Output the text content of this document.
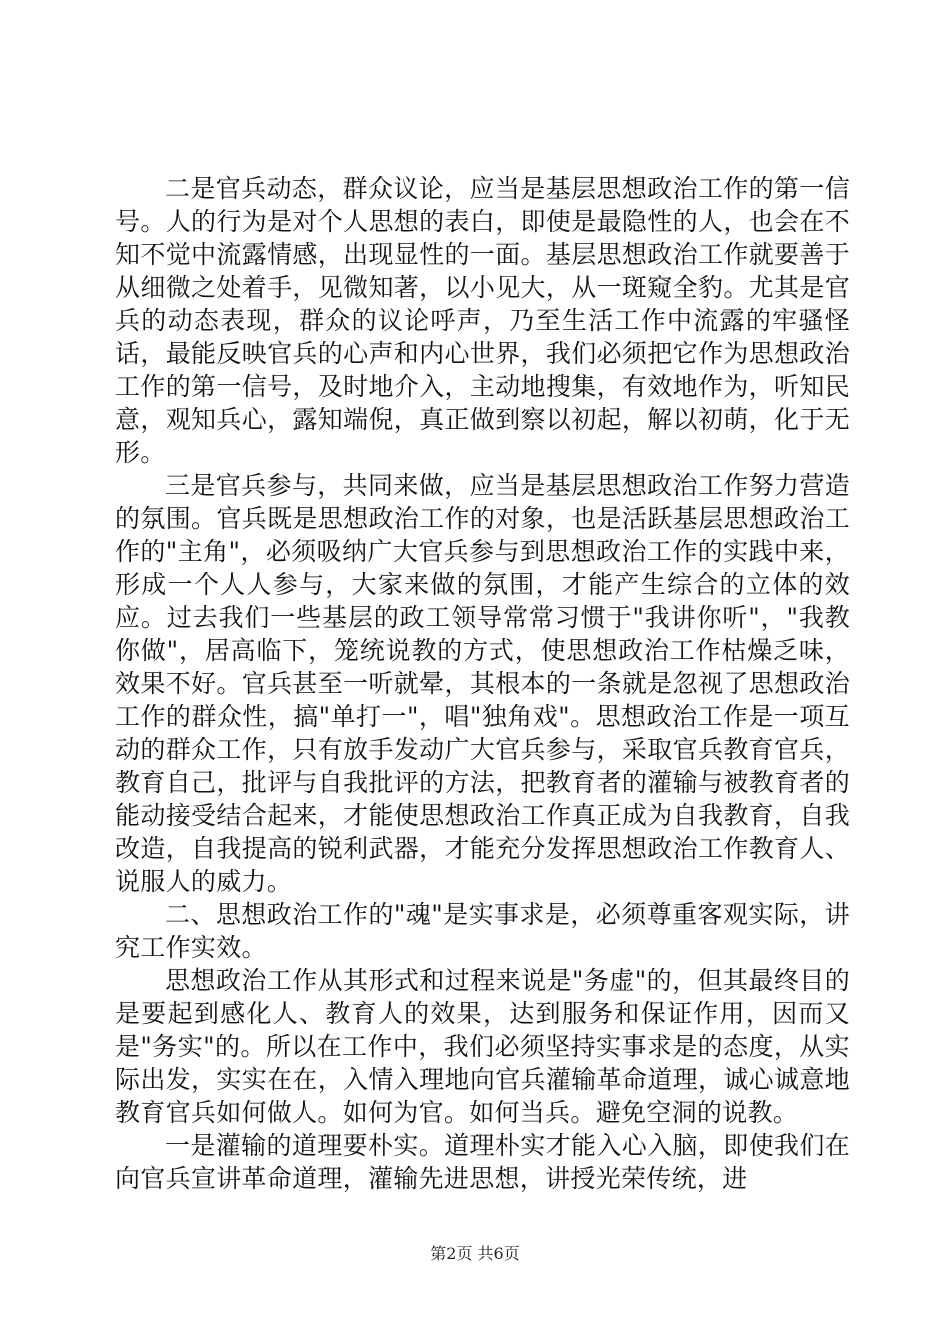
二是官兵动态，群众议论，应当是基层思想政治工作的第一信号。人的行为是对个人思想的表白，即使是最隐性的人，也会在不知不觉中流露情感，出现显性的一面。基层思想政治工作就要善于从细微之处着手，见微知著，以小见大，从一斑窥全豹。尤其是官兵的动态表现，群众的议论呼声，乃至生活工作中流露的牢骚怪话，最能反映官兵的心声和内心世界，我们必须把它作为思想政治工作的第一信号，及时地介入，主动地搜集，有效地作为，听知民意，观知兵心，露知端倪，真正做到察以初起，解以初萌，化于无形。

三是官兵参与，共同来做，应当是基层思想政治工作努力营造的氛围。官兵既是思想政治工作的对象，也是活跃基层思想政治工作的"主角"，必须吸纳广大官兵参与到思想政治工作的实践中来，形成一个人人参与，大家来做的氛围，才能产生综合的立体的效应。过去我们一些基层的政工领导常常习惯于"我讲你听"，"我教你做"，居高临下，笼统说教的方式，使思想政治工作枯燥乏味，效果不好。官兵甚至一听就晕，其根本的一条就是忽视了思想政治工作的群众性，搞"单打一"，唱"独角戏"。思想政治工作是一项互动的群众工作，只有放手发动广大官兵参与，采取官兵教育官兵，教育自己，批评与自我批评的方法，把教育者的灌输与被教育者的能动接受结合起来，才能使思想政治工作真正成为自我教育，自我改造，自我提高的锐利武器，才能充分发挥思想政治工作教育人、说服人的威力。

二、思想政治工作的"魂"是实事求是，必须尊重客观实际，讲究工作实效。

思想政治工作从其形式和过程来说是"务虚"的，但其最终目的是要起到感化人、教育人的效果，达到服务和保证作用，因而又是"务实"的。所以在工作中，我们必须坚持实事求是的态度，从实际出发，实实在在，入情入理地向官兵灌输革命道理，诚心诚意地教育官兵如何做人。如何为官。如何当兵。避免空洞的说教。

一是灌输的道理要朴实。道理朴实才能入心入脑，即使我们在向官兵宣讲革命道理，灌输先进思想，讲授光荣传统，进

第2页 共6页
